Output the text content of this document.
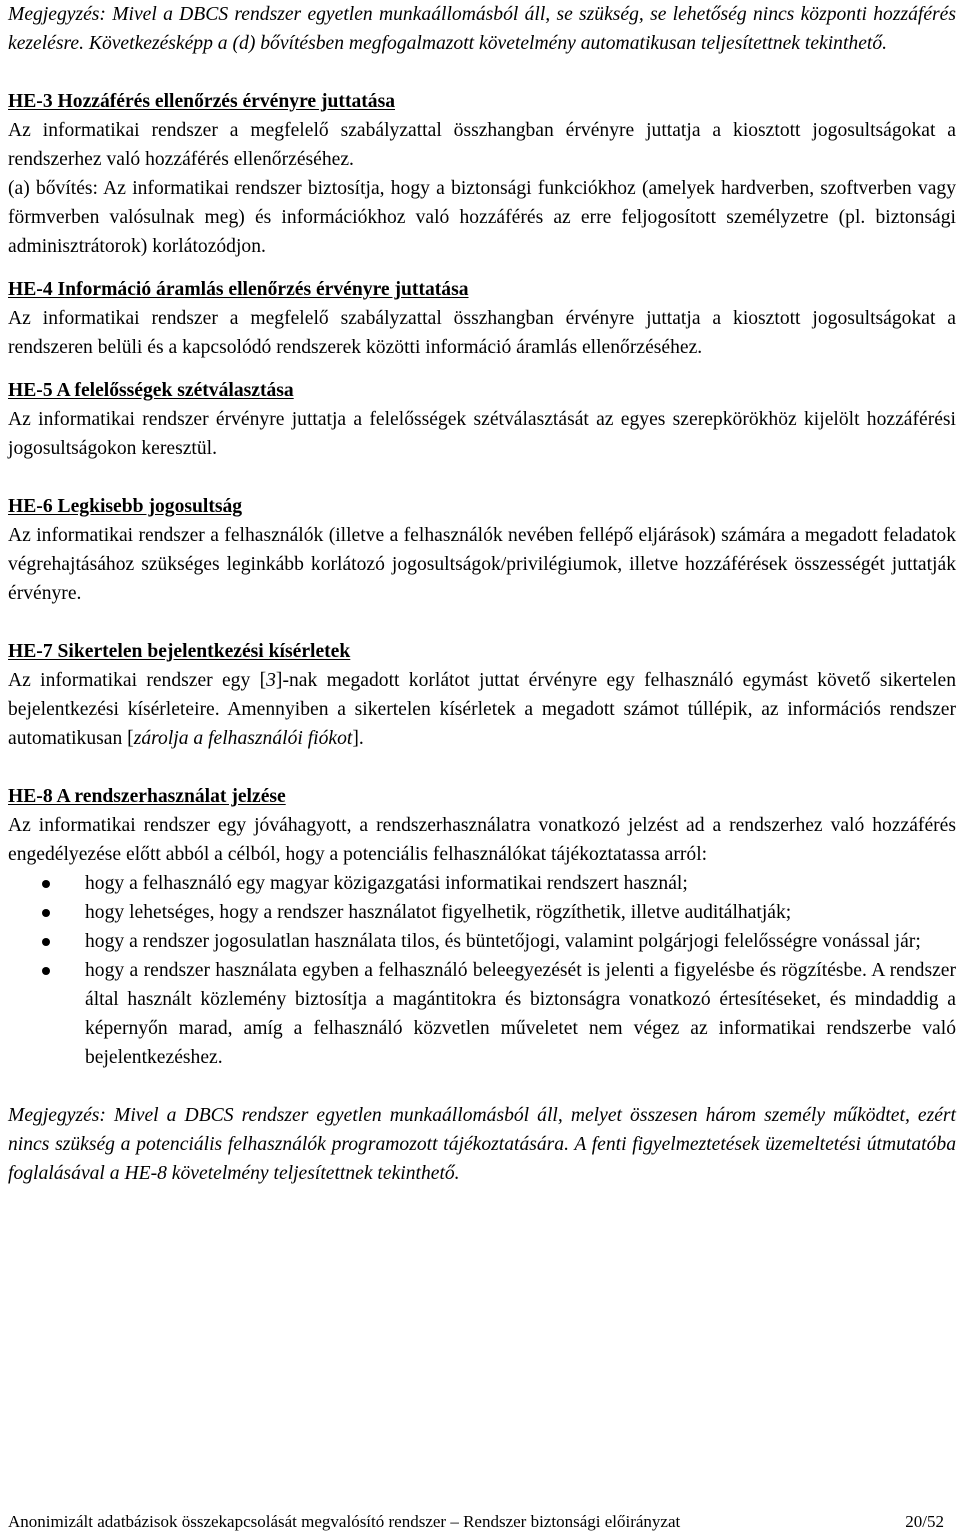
Megjegyzés: Mivel a DBCS rendszer egyetlen munkaállomásból áll, se szükség, se lehetőség nincs központi hozzáférés kezelésre. Következésképp a (d) bővítésben megfogalmazott követelmény automatikusan teljesítettnek tekinthető.

HE-3 Hozzáférés ellenőrzés érvényre juttatása

Az informatikai rendszer a megfelelő szabályzattal összhangban érvényre juttatja a kiosztott jogosultságokat a rendszerhez való hozzáférés ellenőrzéséhez.

(a) bővítés: Az informatikai rendszer biztosítja, hogy a biztonsági funkciókhoz (amelyek hardverben, szoftverben vagy förmverben valósulnak meg) és információkhoz való hozzáférés az erre feljogosított személyzetre (pl. biztonsági adminisztrátorok) korlátozódjon.

HE-4 Információ áramlás ellenőrzés érvényre juttatása

Az informatikai rendszer a megfelelő szabályzattal összhangban érvényre juttatja a kiosztott jogosultságokat a rendszeren belüli és a kapcsolódó rendszerek közötti információ áramlás ellenőrzéséhez.

HE-5 A felelősségek szétválasztása

Az informatikai rendszer érvényre juttatja a felelősségek szétválasztását az egyes szerepkörökhöz kijelölt hozzáférési jogosultságokon keresztül.

HE-6 Legkisebb jogosultság

Az informatikai rendszer a felhasználók (illetve a felhasználók nevében fellépő eljárások) számára a megadott feladatok végrehajtásához szükséges leginkább korlátozó jogosultságok/privilégiumok, illetve hozzáférések összességét juttatják érvényre.

HE-7 Sikertelen bejelentkezési kísérletek

Az informatikai rendszer egy [3]-nak megadott korlátot juttat érvényre egy felhasználó egymást követő sikertelen bejelentkezési kísérleteire. Amennyiben a sikertelen kísérletek a megadott számot túllépik, az információs rendszer automatikusan [zárolja a felhasználói fiókot].

HE-8 A rendszerhasználat jelzése

Az informatikai rendszer egy jóváhagyott, a rendszerhasználatra vonatkozó jelzést ad a rendszerhez való hozzáférés engedélyezése előtt abból a célból, hogy a potenciális felhasználókat tájékoztatassa arról:

hogy a felhasználó egy magyar közigazgatási informatikai rendszert használ;
hogy lehetséges, hogy a rendszer használatot figyelhetik, rögzíthetik, illetve auditálhatják;
hogy a rendszer jogosulatlan használata tilos, és büntetőjogi, valamint polgárjogi felelősségre vonással jár;
hogy a rendszer használata egyben a felhasználó beleegyezését is jelenti a figyelésbe és rögzítésbe. A rendszer által használt közlemény biztosítja a magántitokra és biztonságra vonatkozó értesítéseket, és mindaddig a képernyőn marad, amíg a felhasználó közvetlen műveletet nem végez az informatikai rendszerbe való bejelentkezéshez.

Megjegyzés: Mivel a DBCS rendszer egyetlen munkaállomásból áll, melyet összesen három személy működtet, ezért nincs szükség a potenciális felhasználók programozott tájékoztatására. A fenti figyelmeztetések üzemeltetési útmutatóba foglalásával a HE-8 követelmény teljesítettnek tekinthető.

Anonimizált adatbázisok összekapcsolását megvalósító rendszer – Rendszer biztonsági előirányzat	20/52
